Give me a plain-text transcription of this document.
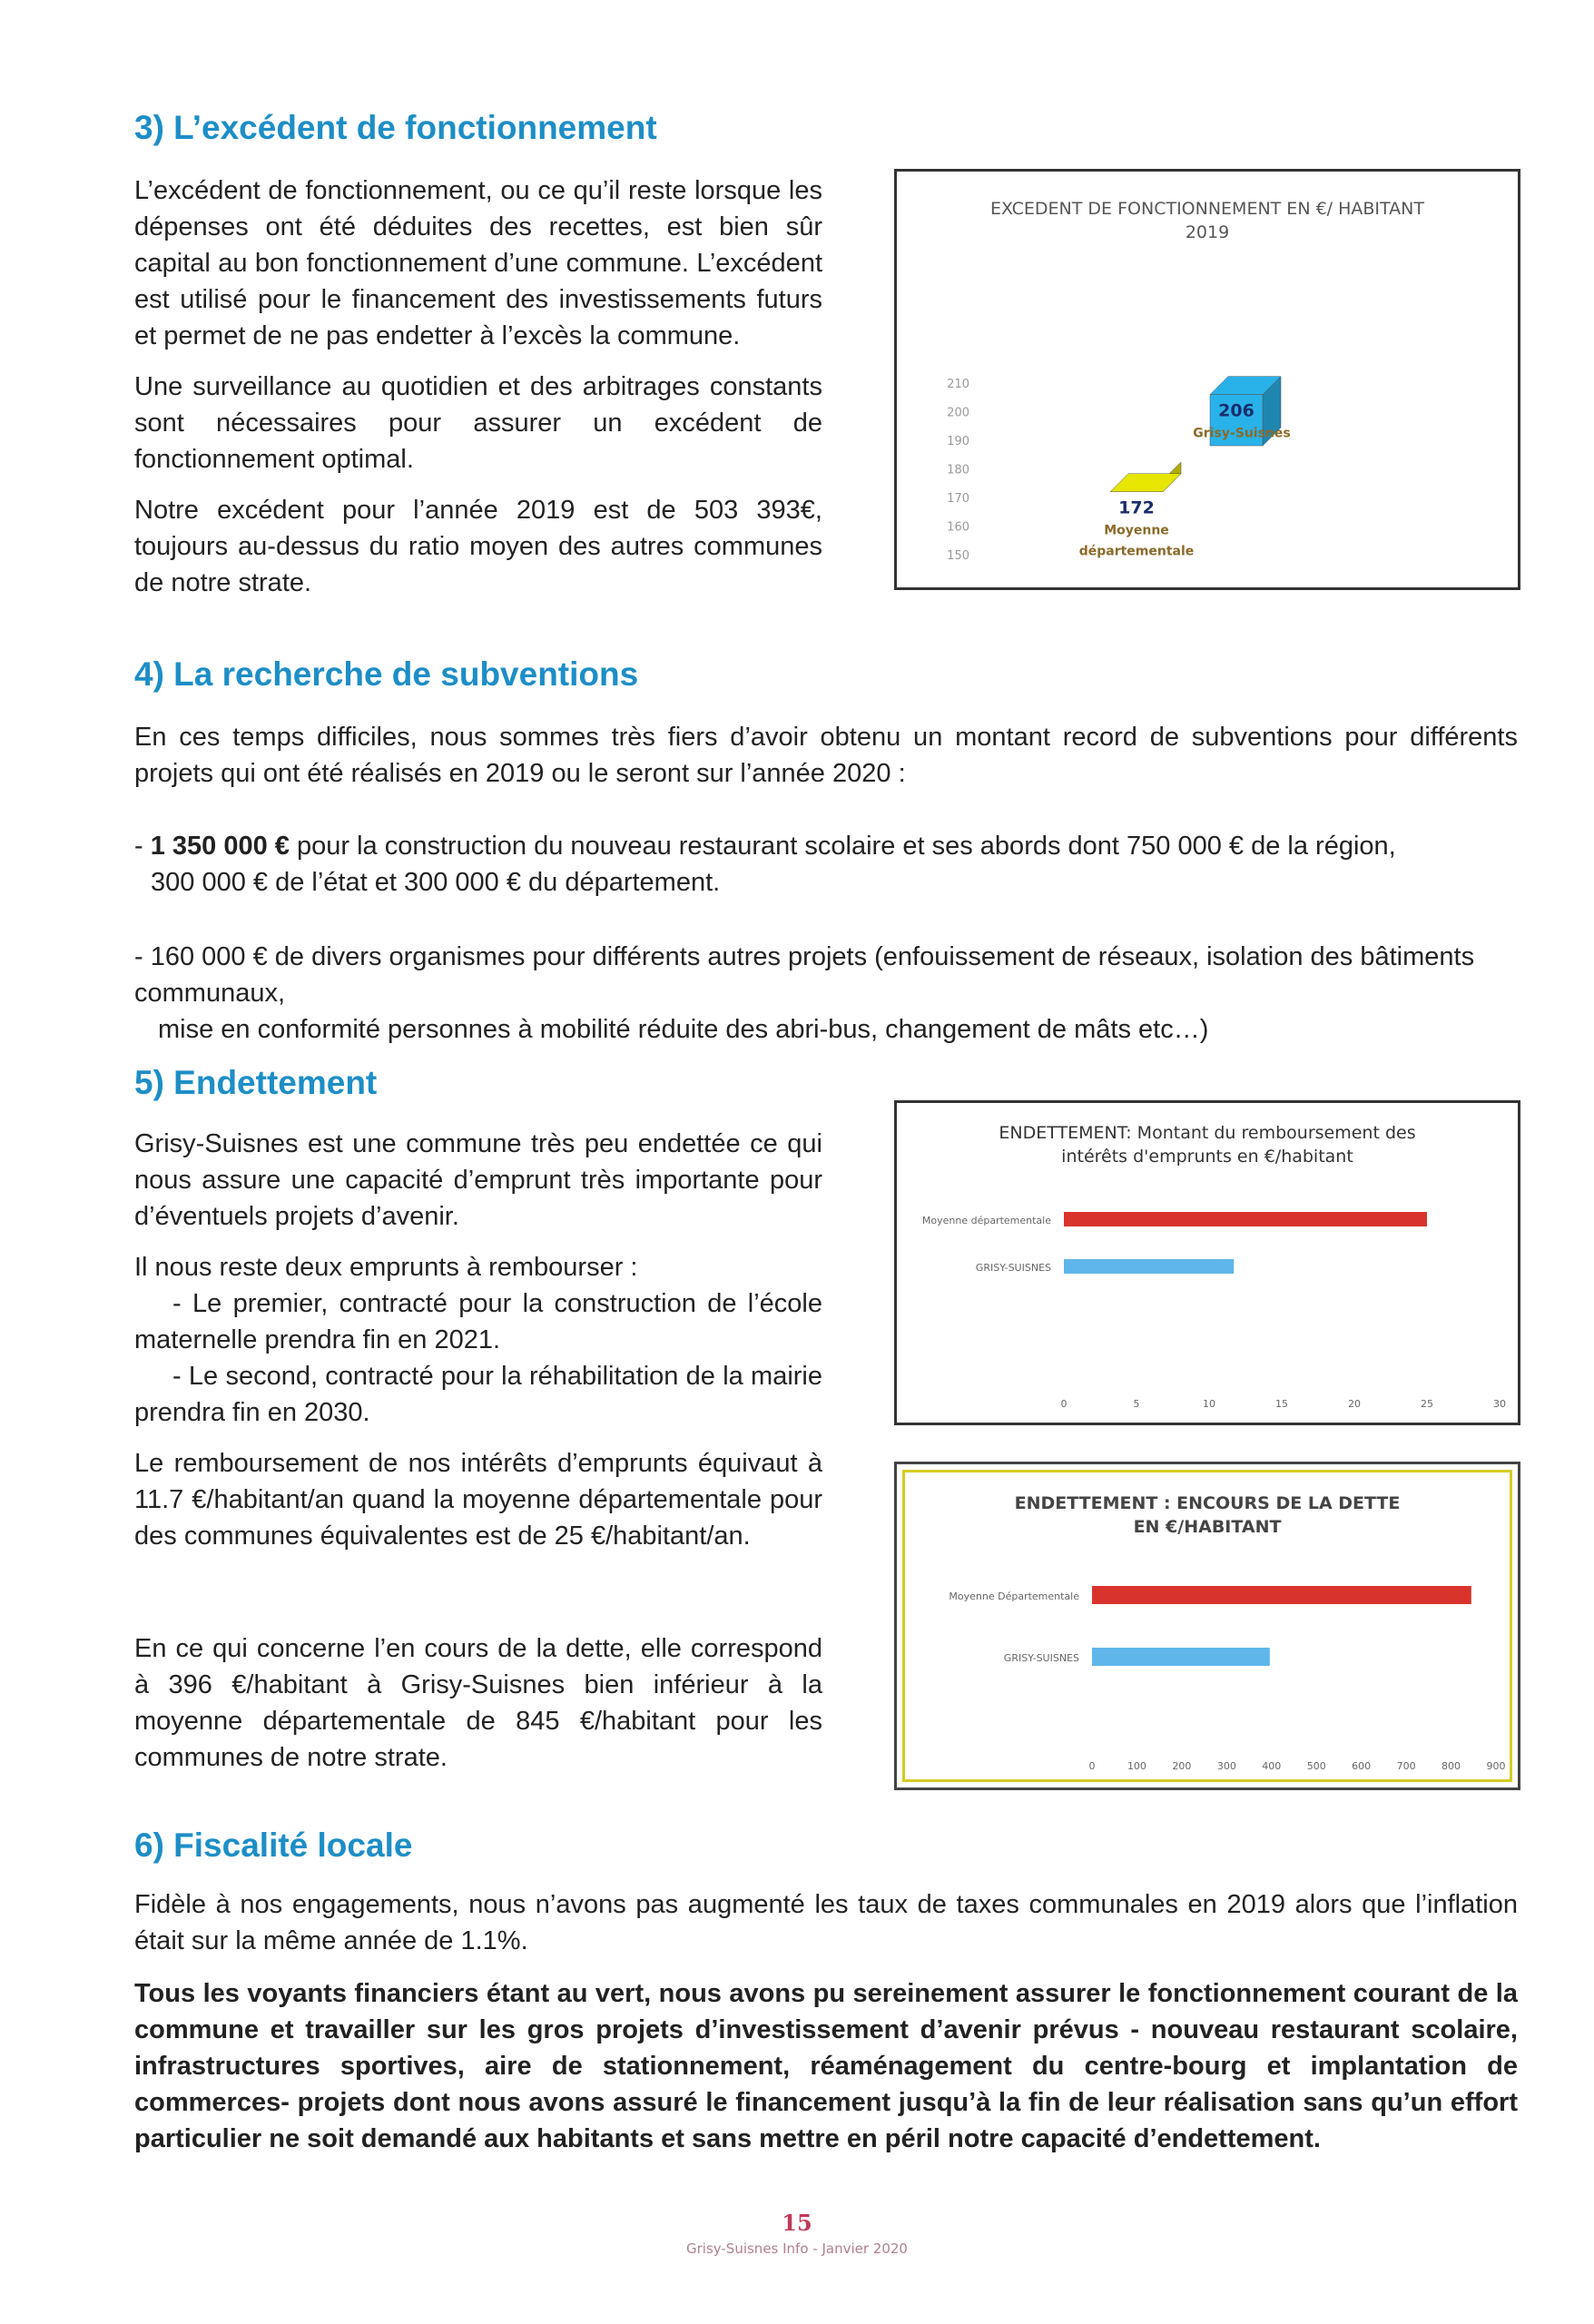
3) L’excédent de fonctionnement

L’excédent de fonctionnement, ou ce qu’il reste lorsque les dépenses ont été déduites des recettes, est bien sûr capital au bon fonctionnement d’une commune. L’excédent est utilisé pour le financement des investissements futurs et permet de ne pas endetter à l’excès la commune.

Une surveillance au quotidien et des arbitrages constants sont nécessaires pour assurer un excédent de fonctionnement optimal.

Notre excédent pour l’année 2019 est de 503 393€, toujours au-dessus du ratio moyen des autres communes de notre strate.

EXCEDENT DE FONCTIONNEMENT EN €/ HABITANT
2019
150
160
170
180
190
200
210
172
Moyenne
départementale
206
Grisy-Suisnes
4) La recherche de subventions
En ces temps difficiles, nous sommes très fiers d’avoir obtenu un montant record de subventions pour différents projets qui ont été réalisés en 2019 ou le seront sur l’année 2020 :
- 1 350 000 € pour la construction du nouveau restaurant scolaire et ses abords dont 750 000 € de la région,
300 000 € de l’état et 300 000 € du département.
- 160 000 € de divers organismes pour différents autres projets (enfouissement de réseaux, isolation des bâtiments communaux,
mise en conformité personnes à mobilité réduite des abri-bus, changement de mâts etc…)
5) Endettement

Grisy-Suisnes est une commune très peu endettée ce qui nous assure une capacité d’emprunt très importante pour d’éventuels projets d’avenir.

Il nous reste deux emprunts à rembourser :

- Le premier, contracté pour la construction de l’école maternelle prendra fin en 2021.

- Le second, contracté pour la réhabilitation de la mairie prendra fin en 2030.

Le remboursement de nos intérêts d’emprunts équivaut à 11.7 €/habitant/an quand la moyenne départementale pour des communes équivalentes est de 25 €/habitant/an.

En ce qui concerne l’en cours de la dette, elle correspond à 396 €/habitant à Grisy-Suisnes bien inférieur à la moyenne départementale de 845 €/habitant pour les communes de notre strate.
ENDETTEMENT: Montant du remboursement des
intérêts d'emprunts en €/habitant
Moyenne départementale
GRISY-SUISNES
0	5	10	15	20	25	30
ENDETTEMENT : ENCOURS DE LA DETTE
EN €/HABITANT
Moyenne Départementale
GRISY-SUISNES
0	100	200	300	400	500	600	700	800	900
6) Fiscalité locale
Fidèle à nos engagements, nous n’avons pas augmenté les taux de taxes communales en 2019 alors que l’inflation était sur la même année de 1.1%.
Tous les voyants financiers étant au vert, nous avons pu sereinement assurer le fonctionnement courant de la commune et travailler sur les gros projets d’investissement d’avenir prévus - nouveau restaurant scolaire, infrastructures sportives, aire de stationnement, réaménagement du centre-bourg et implantation de commerces- projets dont nous avons assuré le financement jusqu’à la fin de leur réalisation sans qu’un effort particulier ne soit demandé aux habitants et sans mettre en péril notre capacité d’endettement.
15
Grisy-Suisnes Info - Janvier 2020
